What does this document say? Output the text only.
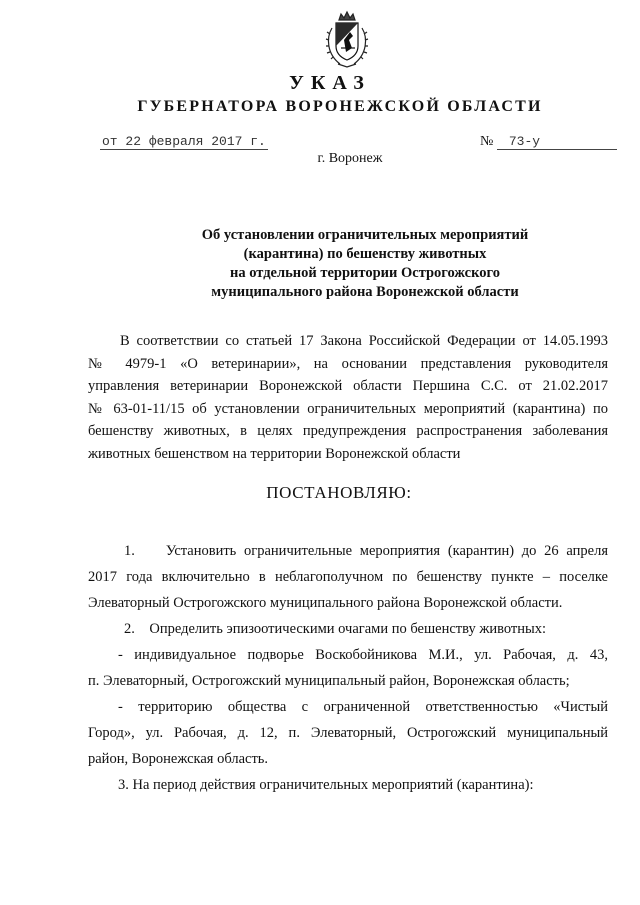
УКАЗ
ГУБЕРНАТОРА ВОРОНЕЖСКОЙ ОБЛАСТИ
от 22 февраля 2017 г.	№ 73-у
г. Воронеж
Об установлении ограничительных мероприятий
(карантина) по бешенству животных
на отдельной территории Острогожского
муниципального района Воронежской области
В соответствии со статьей 17 Закона Российской Федерации от 14.05.1993
№ 4979-1 «О ветеринарии», на основании представления руководителя
управления ветеринарии Воронежской области Першина С.С. от 21.02.2017
№ 63-01-11/15 об установлении ограничительных мероприятий (карантина) по
бешенству животных, в целях предупреждения распространения заболевания
животных бешенством на территории Воронежской области
ПОСТАНОВЛЯЮ:
1.    Установить ограничительные мероприятия (карантин) до 26 апреля
2017 года включительно в неблагополучном по бешенству пункте – поселке
Элеваторный Острогожского муниципального района Воронежской области.
2.    Определить эпизоотическими очагами по бешенству животных:
- индивидуальное подворье Воскобойникова М.И., ул. Рабочая, д. 43,
п. Элеваторный, Острогожский муниципальный район, Воронежская область;
- территорию общества с ограниченной ответственностью «Чистый
Город», ул. Рабочая, д. 12, п. Элеваторный, Острогожский муниципальный
район, Воронежская область.
3. На период действия ограничительных мероприятий (карантина):
